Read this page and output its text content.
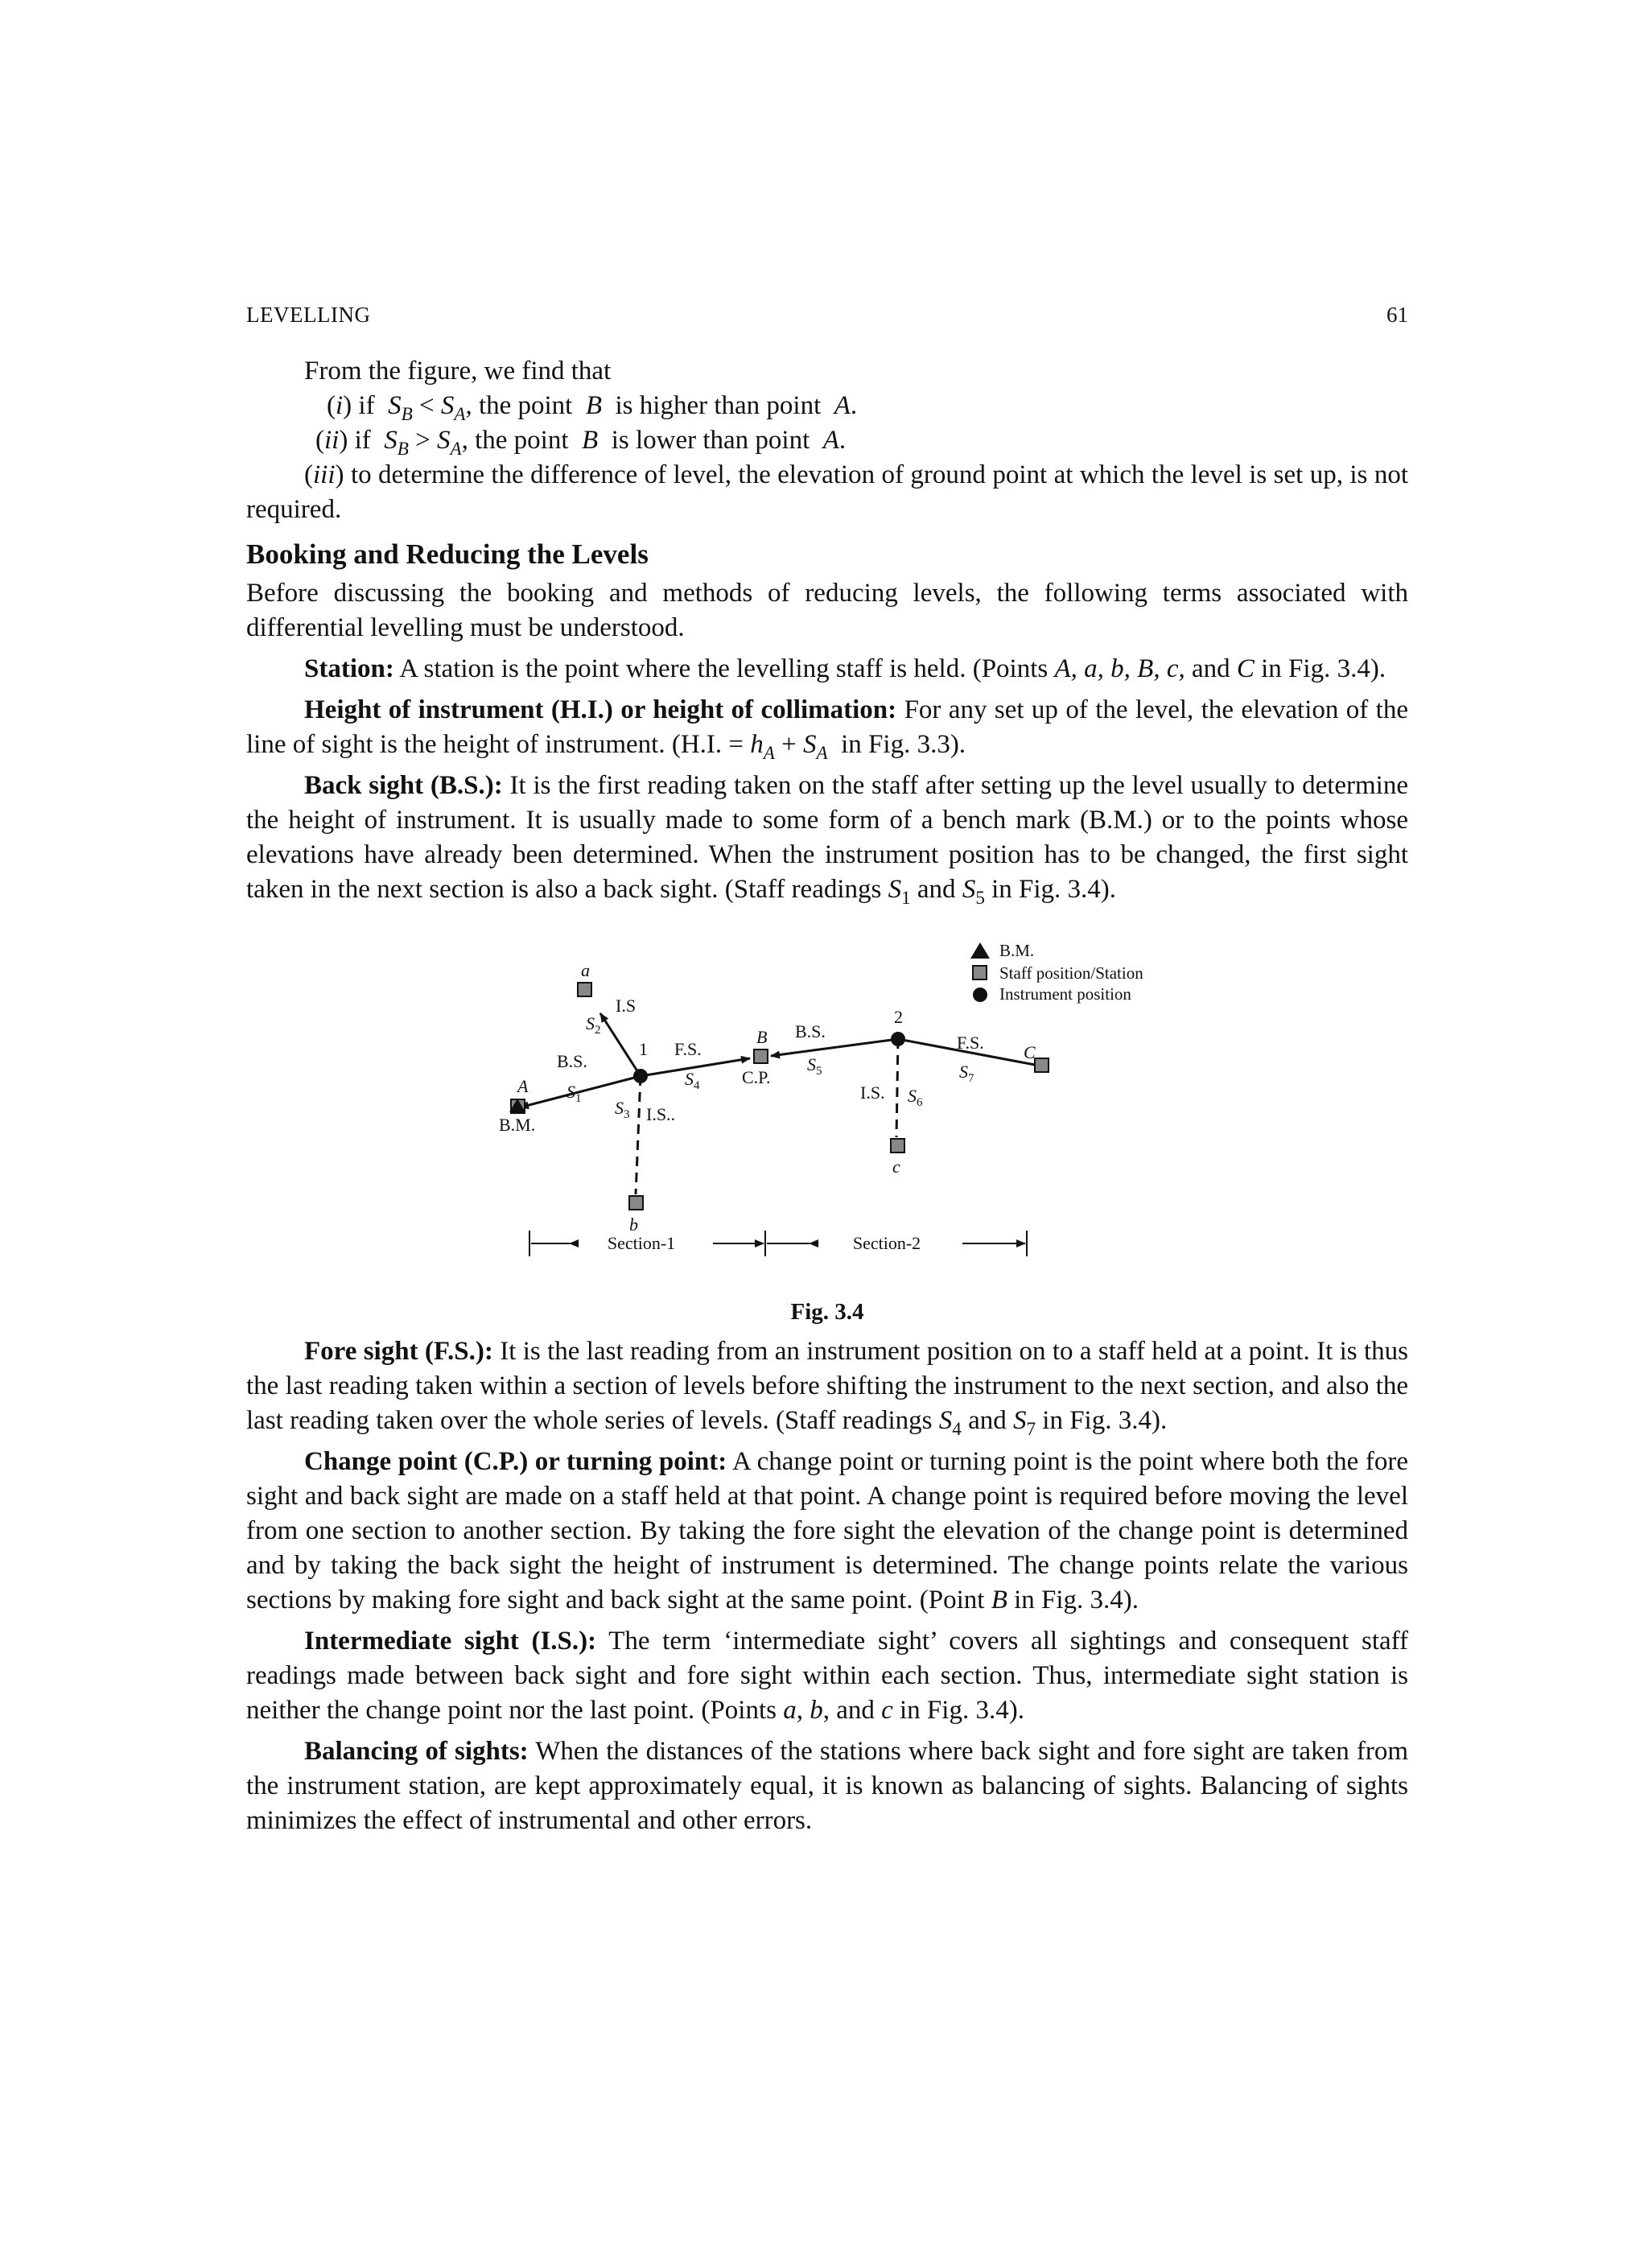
LEVELLING	61

From the figure, we find that

(i) if $S_B < S_A$, the point B is higher than point A.

(ii) if $S_B > S_A$, the point B is lower than point A.

(iii) to determine the difference of level, the elevation of ground point at which the level is set up, is not required.

Booking and Reducing the Levels

Before discussing the booking and methods of reducing levels, the following terms associated with differential levelling must be understood.

Station: A station is the point where the levelling staff is held. (Points A, a, b, B, c, and C in Fig. 3.4).

Height of instrument (H.I.) or height of collimation: For any set up of the level, the elevation of the line of sight is the height of instrument. (H.I. = $h_A + S_A$ in Fig. 3.3).

Back sight (B.S.): It is the first reading taken on the staff after setting up the level usually to determine the height of instrument. It is usually made to some form of a bench mark (B.M.) or to the points whose elevations have already been determined. When the instrument position has to be changed, the first sight taken in the next section is also a back sight. (Staff readings $S_1$ and $S_5$ in Fig. 3.4).

B.M.
Staff position/Station
Instrument position
a
I.S
$S_2$
1
B.S.
$S_1$
A
B.M.
$S_3$ I.S..
b
F.S.
$S_4$
B
C.P.
B.S.
$S_5$
2
I.S. $S_6$
c
F.S.
$S_7$
C
Section-1	Section-2

Fig. 3.4

Fore sight (F.S.): It is the last reading from an instrument position on to a staff held at a point. It is thus the last reading taken within a section of levels before shifting the instrument to the next section, and also the last reading taken over the whole series of levels. (Staff readings $S_4$ and $S_7$ in Fig. 3.4).

Change point (C.P.) or turning point: A change point or turning point is the point where both the fore sight and back sight are made on a staff held at that point. A change point is required before moving the level from one section to another section. By taking the fore sight the elevation of the change point is determined and by taking the back sight the height of instrument is determined. The change points relate the various sections by making fore sight and back sight at the same point. (Point B in Fig. 3.4).

Intermediate sight (I.S.): The term ‘intermediate sight’ covers all sightings and consequent staff readings made between back sight and fore sight within each section. Thus, intermediate sight station is neither the change point nor the last point. (Points a, b, and c in Fig. 3.4).

Balancing of sights: When the distances of the stations where back sight and fore sight are taken from the instrument station, are kept approximately equal, it is known as balancing of sights. Balancing of sights minimizes the effect of instrumental and other errors.
